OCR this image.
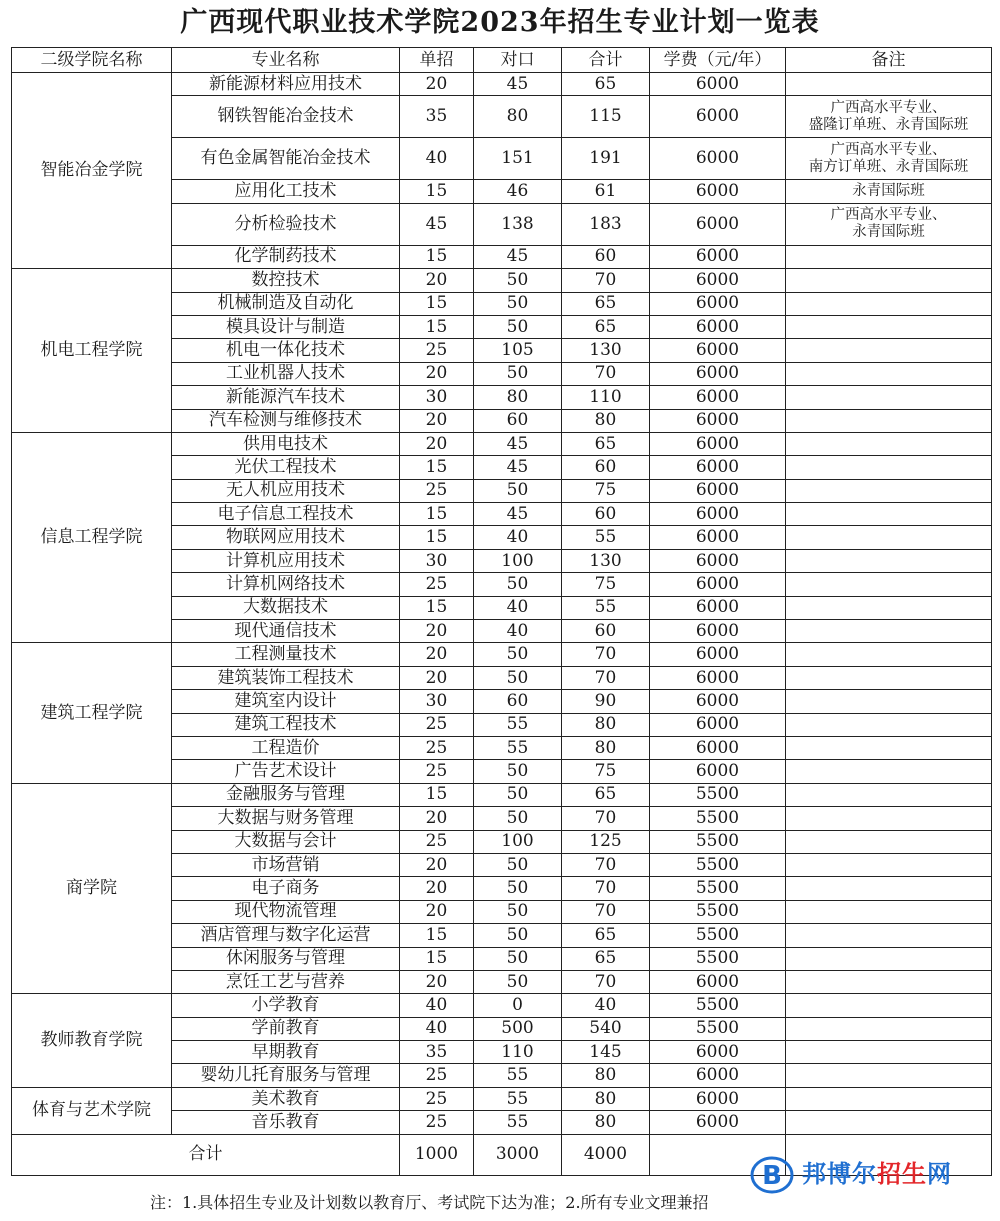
广西现代职业技术学院2023年招生专业计划一览表
二级学院名称	专业名称	单招	对口	合计	学费（元/年）	备注
智能冶金学院	新能源材料应用技术	20	45	65	6000	
	钢铁智能冶金技术	35	80	115	6000	广西高水平专业、
盛隆订单班、永青国际班
	有色金属智能冶金技术	40	151	191	6000	广西高水平专业、
南方订单班、永青国际班
	应用化工技术	15	46	61	6000	永青国际班
	分析检验技术	45	138	183	6000	广西高水平专业、
永青国际班
	化学制药技术	15	45	60	6000	
机电工程学院	数控技术	20	50	70	6000	
	机械制造及自动化	15	50	65	6000	
	模具设计与制造	15	50	65	6000	
	机电一体化技术	25	105	130	6000	
	工业机器人技术	20	50	70	6000	
	新能源汽车技术	30	80	110	6000	
	汽车检测与维修技术	20	60	80	6000	
信息工程学院	供用电技术	20	45	65	6000	
	光伏工程技术	15	45	60	6000	
	无人机应用技术	25	50	75	6000	
	电子信息工程技术	15	45	60	6000	
	物联网应用技术	15	40	55	6000	
	计算机应用技术	30	100	130	6000	
	计算机网络技术	25	50	75	6000	
	大数据技术	15	40	55	6000	
	现代通信技术	20	40	60	6000	
建筑工程学院	工程测量技术	20	50	70	6000	
	建筑装饰工程技术	20	50	70	6000	
	建筑室内设计	30	60	90	6000	
	建筑工程技术	25	55	80	6000	
	工程造价	25	55	80	6000	
	广告艺术设计	25	50	75	6000	
商学院	金融服务与管理	15	50	65	5500	
	大数据与财务管理	20	50	70	5500	
	大数据与会计	25	100	125	5500	
	市场营销	20	50	70	5500	
	电子商务	20	50	70	5500	
	现代物流管理	20	50	70	5500	
	酒店管理与数字化运营	15	50	65	5500	
	休闲服务与管理	15	50	65	5500	
	烹饪工艺与营养	20	50	70	6000	
教师教育学院	小学教育	40	0	40	5500	
	学前教育	40	500	540	5500	
	早期教育	35	110	145	6000	
	婴幼儿托育服务与管理	25	55	80	6000	
体育与艺术学院	美术教育	25	55	80	6000	
	音乐教育	25	55	80	6000	
合计		1000	3000	4000		
注：1.具体招生专业及计划数以教育厅、考试院下达为准；2.所有专业文理兼招
B 邦博尔招生网
